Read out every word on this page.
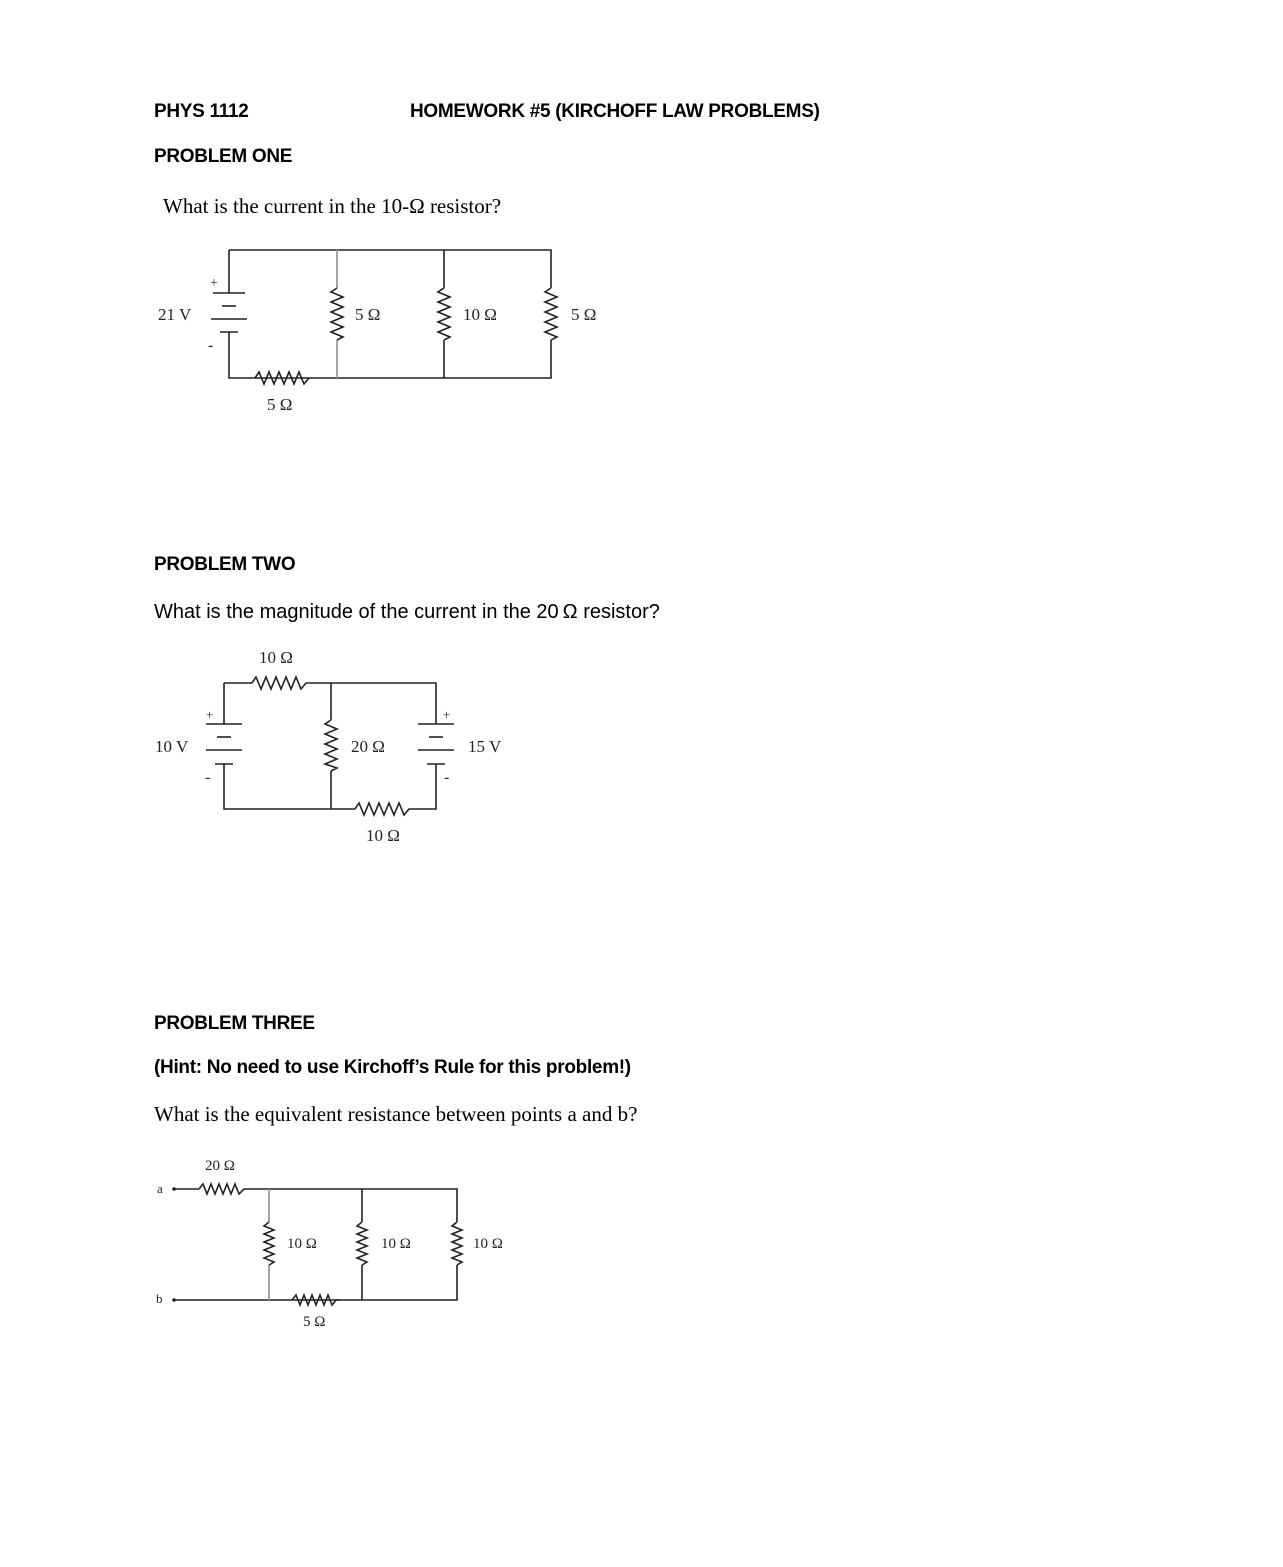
PHYS 1112	HOMEWORK #5 (KIRCHOFF LAW PROBLEMS)
PROBLEM ONE
What is the current in the 10-Ω resistor?
+
-
21 V	5 Ω	10 Ω	5 Ω
5 Ω
+
-
+
-
10 Ω
10 V	20 Ω	15 V
10 Ω
20 Ω
a
b
10 Ω	10 Ω	10 Ω
5 Ω
PROBLEM TWO
What is the magnitude of the current in the 20 Ω resistor?
PROBLEM THREE
(Hint: No need to use Kirchoff’s Rule for this problem!)
What is the equivalent resistance between points a and b?
